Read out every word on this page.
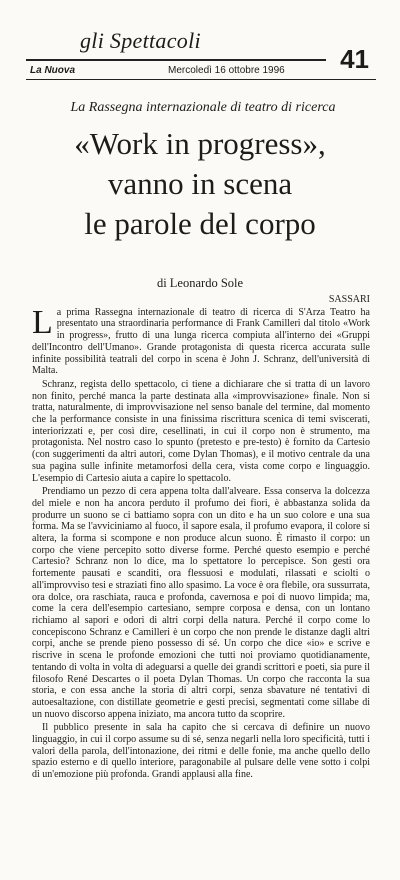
gli Spettacoli
41
La Nuova	Mercoledì 16 ottobre 1996
La Rassegna internazionale di teatro di ricerca
«Work in progress»,
vanno in scena
le parole del corpo
di Leonardo Sole
SASSARI

La prima Rassegna internazionale di teatro di ricerca di S'Arza Teatro ha presentato una straordinaria performance di Frank Camilleri dal titolo «Work in progress», frutto di una lunga ricerca compiuta all'interno dei «Gruppi dell'Incontro dell'Umano». Grande protagonista di questa ricerca accurata sulle infinite possibilità teatrali del corpo in scena è John J. Schranz, dell'università di Malta.

Schranz, regista dello spettacolo, ci tiene a dichiarare che si tratta di un lavoro non finito, perché manca la parte destinata alla «improvvisazione» finale. Non si tratta, naturalmente, di improvvisazione nel senso banale del termine, dal momento che la performance consiste in una finissima riscrittura scenica di temi sviscerati, interiorizzati e, per così dire, cesellinati, in cui il corpo non è strumento, ma protagonista. Nel nostro caso lo spunto (pretesto e pre-testo) è fornito da Cartesio (con suggerimenti da altri autori, come Dylan Thomas), e il motivo centrale da una sua pagina sulle infinite metamorfosi della cera, vista come corpo e linguaggio. L'esempio di Cartesio aiuta a capire lo spettacolo.

Prendiamo un pezzo di cera appena tolta dall'alveare. Essa conserva la dolcezza del miele e non ha ancora perduto il profumo dei fiori, è abbastanza solida da produrre un suono se ci battiamo sopra con un dito e ha un suo colore e una sua forma. Ma se l'avviciniamo al fuoco, il sapore esala, il profumo evapora, il colore si altera, la forma si scompone e non produce alcun suono. È rimasto il corpo: un corpo che viene percepito sotto diverse forme. Perché questo esempio e perché Cartesio? Schranz non lo dice, ma lo spettatore lo percepisce. Son gesti ora fortemente pausati e scanditi, ora flessuosi e modulati, rilassati e sciolti o all'improvviso tesi e straziati fino allo spasimo. La voce è ora flebile, ora sussurrata, ora dolce, ora raschiata, rauca e profonda, cavernosa e poi di nuovo limpida; ma, come la cera dell'esempio cartesiano, sempre corposa e densa, con un lontano richiamo al sapori e odori di altri corpi della natura. Perché il corpo come lo concepiscono Schranz e Camilleri è un corpo che non prende le distanze dagli altri corpi, anche se prende pieno possesso di sé. Un corpo che dice «io» e scrive e riscrive in scena le profonde emozioni che tutti noi proviamo quotidianamente, tentando di volta in volta di adeguarsi a quelle dei grandi scrittori e poeti, sia pure il filosofo René Descartes o il poeta Dylan Thomas. Un corpo che racconta la sua storia, e con essa anche la storia di altri corpi, senza sbavature né tentativi di autoesaltazione, con distillate geometrie e gesti precisi, segmentati come sillabe di un nuovo discorso appena iniziato, ma ancora tutto da scoprire.

Il pubblico presente in sala ha capito che si cercava di definire un nuovo linguaggio, in cui il corpo assume su di sé, senza negarli nella loro specificità, tutti i valori della parola, dell'intonazione, dei ritmi e delle fonie, ma anche quello dello spazio esterno e di quello interiore, paragonabile al pulsare delle vene sotto i colpi di un'emozione più profonda. Grandi applausi alla fine.
